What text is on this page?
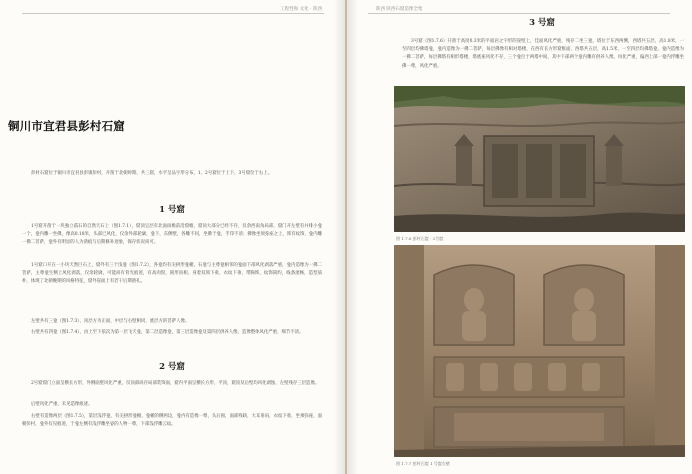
工程性和 文化 · 陕西
铜川市宜君县彭村石窟
彭村石窟位于铜川市宜君县彭镇彭村，开凿于北朝时期，共三窟，水平呈品字形分布，1、2号窟位于上下，3号窟位于右上。
1 号窟
1号窟开凿于一块独立孤石的自然天石上（图1.7.1），窟顶呈层有北面雨檐前沿窟檐，窟顶大部分已经不存，仅余西南角局部，窟门开左壁有并排小龛一个，龛内雕一坐佛，像高0.18米，头部已风化，仅余外部轮廓，龛下，东侧壁，各雕不同，坐佛于龛，手印不清；佛像坐须弥座之上，饰有纹饰，龛内雕一佛二菩萨，龛外有明显的人为凿痕与后期修补迹象，保存状况尚可。
1号窟口开在一小块天然巨石上，窟外有三个浅龛（图1.7.2），各龛均有尖拱形龛楣，石龛与主尊龛相邻的龛面下部风化剥落严重，龛内造像为一佛二菩萨，主尊龛生侧上风化剥落，仅余轮廓，可能尚有背光痕迹，有高肉髻，圆形顶相，身着双领下垂，衣纹下垂，带胸饰，纹饰简约，线条流畅，造型质朴，体现了北朝晚期的风格特征，窟外崖面上有若干后期凿孔。
左壁共有三龛（图1.7.3），顶层方为正面，中层与右壁相同，底层方的菩萨人像。
右壁共有四龛（图1.7.4），由上至下依次为第一层飞天龛，第二层造像龛，第三层造像龛及第四层供养人像，造像整体风化严重，细节不清。
2 号窟
2号窟窟门立面呈横长方形，外侧面壁风化严重，仅顶部尚存局部装饰面，窟内平面呈横长方形，平顶，窟顶及后壁均风化剥蚀，左壁残存三层造像。
后壁风化严重，未见造像痕迹。
右壁有造像两层（图1.7.5），第层浅浮龛，有尖拱形龛楣，龛楣的侧两边，龛内有造像一尊，头后圆，面部残缺，大耳垂肩，衣纹下垂，坐须弥座，面朝彭村，龛外仅见痕迹，于龛左侧有浅浮雕坐姿的人物一尊，下部浅浮雕云纹。
陕西 陕西石窟造像全集
3 号窟
3号窟（图1.7.6）开凿于高度0.3米的平面岩之字形的崖壁上，佳面风化严重，残存二坐三龛，塔位于东西两侧，西塔共五层，高1.8米，一至四层均佛塔龛，龛内造像为一佛二菩萨，每层佛像有相对塔楼，在西有长方形窟框面，西塔共五层，高1.5米，一至四层均佛塔龛，龛内造像为一佛二菩萨，每层佛塔有相形塔楼，塔底座风化不存，三个龛位于两塔中间，其中下部两个龛内雕有供养人像，风化严重，偏西上部一龛内浮雕坐佛一尊，风化严重。
图 1.7.6 彭村石窟 · 3号窟
图 1.7.7 彭村石窟 1 号窟右壁
